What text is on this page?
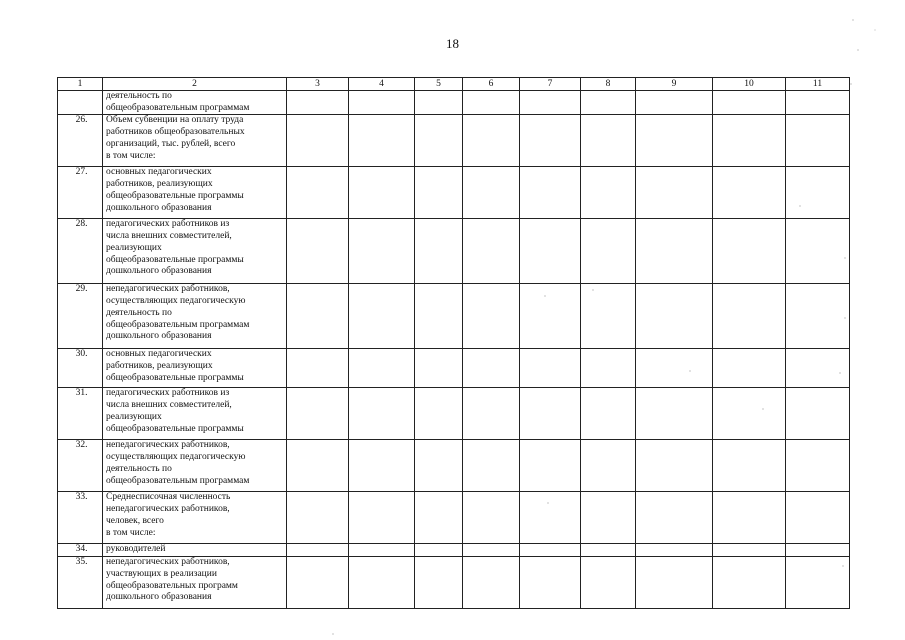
18
1	2	3	4	5	6	7	8	9	10	11

	деятельность по
общеобразовательным программам									

26.	Объем субвенции на оплату труда
работников общеобразовательных
организаций, тыс. рублей, всего
в том числе:									

27.	основных педагогических
работников, реализующих
общеобразовательные программы
дошкольного образования									

28.	педагогических работников из
числа внешних совместителей,
реализующих
общеобразовательные программы
дошкольного образования									

29.	непедагогических работников,
осуществляющих педагогическую
деятельность по
общеобразовательным программам
дошкольного образования									

30.	основных педагогических
работников, реализующих
общеобразовательные программы									

31.	педагогических работников из
числа внешних совместителей,
реализующих
общеобразовательные программы									

32.	непедагогических работников,
осуществляющих педагогическую
деятельность по
общеобразовательным программам									

33.	Среднесписочная численность
непедагогических работников,
человек, всего
в том числе:									

34.	руководителей									

35.	непедагогических работников,
участвующих в реализации
общеобразовательных программ
дошкольного образования									
